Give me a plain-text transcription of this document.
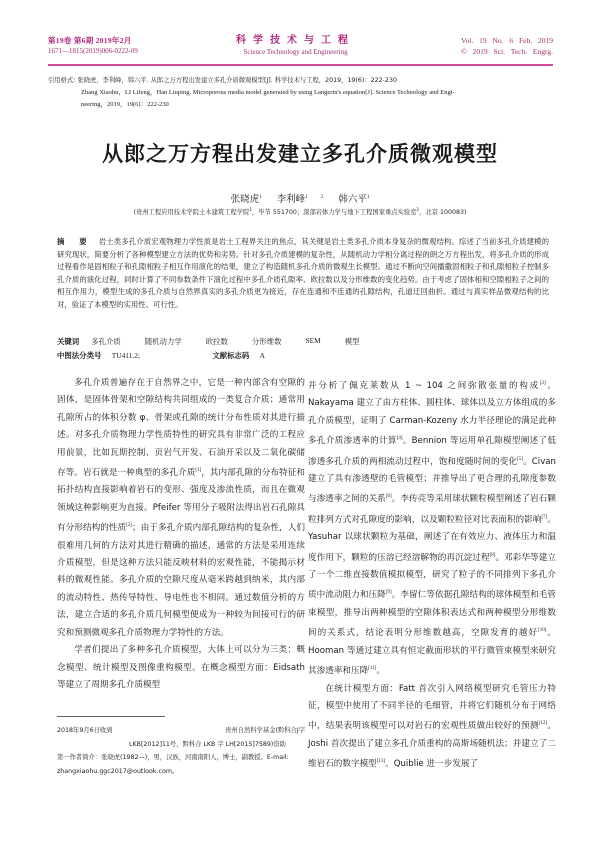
第19卷 第6期 2019年2月
1671—1815(2019)006-0222-09
科学技术与工程
Science Technology and Engineering
Vol. 19 No. 6 Feb. 2019
© 2019 Sci. Tech. Engrg.
引用格式: 张晓虎，李利峰，韩六平. 从郎之万方程出发建立多孔介质微观模型[J]. 科学技术与工程，2019，19(6)：222-230
Zhang Xiaohu，LI Lifeng，Han Liuping. Microporous media model generated by using Langerin's equation[J]. Science Technology and Engi-
neering，2019，19(6)：222-230
从郎之万方程出发建立多孔介质微观模型
张晓虎$^1$ 李利峰$^{1 2}$ 韩六平$^1$
(贵州工程应用技术学院土木建筑工程学院$^1$，毕节 551700；深部岩体力学与地下工程国家重点实验室$^2$，北京 100083)
摘 要 岩土类多孔介质宏观物理力学性质是岩土工程界关注的焦点，其关键是岩土类多孔介质本身复杂的微观结构。综述了当前多孔介质建模的研究现状，简要分析了各种模型建立方法的优势和劣势。针对多孔介质建模的复杂性，从随机动力学相分离过程的朗之万方程出发，将多孔介质的形成过程看作是固相粒子和孔隙相粒子相互作用演化的结果，建立了构造随机多孔介质的微观生长模型。通过不断向空间播撒固相粒子和孔隙相粒子控制多孔介质的演化过程，同时计算了不同参数条件下演化过程中多孔介质孔隙率、欧拉数以及分形维数的变化趋势。由于考虑了固体相和空隙相粒子之间的相互作用力，模型生成的多孔介质与自然界真实的多孔介质更为接近，存在连通和不连通的孔隙结构，孔道迂回曲折。通过与真实样品微观结构的比对，验证了本模型的实用性、可行性。
关键词 多孔介质	随机动力学	欧拉数	分形维数	SEM	模型
中图法分类号 TU411.2;	文献标志码 A

多孔介质普遍存在于自然界之中，它是一种内部含有空隙的固体，是固体骨架和空隙结构共同组成的一类复合介质；通常用孔隙所占的体积分数 φ、骨架或孔隙的统计分布性质对其进行描述。对多孔介质物理力学性质特性的研究具有非常广泛的工程应用前景，比如瓦斯控制、页岩气开发、石油开采以及二氧化碳储存等。岩石就是一种典型的多孔介质[1]，其内部孔隙的分布特征和拓扑结构直接影响着岩石的变形、强度及渗流性质，而且在微观领域这种影响更为直接。Pfeifer 等用分子吸附法得出岩石孔隙具有分形结构的性质[2]；由于多孔介质内部孔隙结构的复杂性，人们很难用几何的方法对其进行精确的描述，通常的方法是采用连续介质模型，但是这种方法只能反映材料的宏观性能，不能揭示材料的微观性能。多孔介质的空隙尺度从毫米跨越到纳米，其内部的流动特性、热传导特性、导电性也不相同。通过数值分析的方法，建立合适的多孔介质几何模型便成为一种较为间接可行的研究和预测微观多孔介质物理力学特性的方法。

学者们提出了多种多孔介质模型，大体上可以分为三类：概念模型、统计模型及图像重构模型。在概念模型方面：Eidsath 等建立了周期多孔介质模型

并分析了佩克莱数从 1 ~ 104 之间弥散张量的构成[3]。Nakayama 建立了由方柱体、圆柱体、球体以及立方体组成的多孔介质模型，证明了 Carman-Kozeny 水力半径理论的满足此种多孔介质渗透率的计算[4]。Bennion 等运用单孔隙模型阐述了低渗透多孔介质的两相流动过程中，饱和度随时间的变化[5]。Civan 建立了具有渗透壁的毛管模型；并推导出了更合理的孔隙度参数与渗透率之间的关系[6]。李传亮等采用球状颗粒模型阐述了岩石颗粒排列方式对孔隙度的影响，以及颗粒粒径对比表面积的影响[7]。Yasuhar 以球状颗粒为基础，阐述了在有效应力、液体压力和温度作用下，颗粒的压溶已经溶解物的再沉淀过程[8]。邓彩华等建立了一个二维直接数值模拟模型，研究了粒子的不同排列下多孔介质中流动阻力和压降[9]。李留仁等依据孔隙结构的球体模型和毛管束模型，推导出两种模型的空隙体积表达式和两种模型分形维数间的关系式，结论表明分形维数越高，空隙发育的越好[10]。Hooman 等通过建立具有恒定截面形状的平行微管束模型来研究其渗透率和压降[11]。

在统计模型方面：Fatt 首次引入网络模型研究毛管压力特征，模型中使用了不同半径的毛细管，并将它们随机分布于网络中，结果表明该模型可以对岩石的宏观性质做出较好的预测[12]。Joshi 首次提出了建立多孔介质重构的高斯场随机法；并建立了二维岩石的数字模型[13]。Quiblie 进一步发展了

2018年9月6日收到	贵州自然科学基金(黔科合J字
LKB[2012]11号，黔科合 LKB 字 LH[2015]7589)资助
第一作者简介：张晓虎(1982—)，男，汉族，河南南阳人，博士，副教授。E-mail: zhangxiaohu.ggc2017@outlook.com。
